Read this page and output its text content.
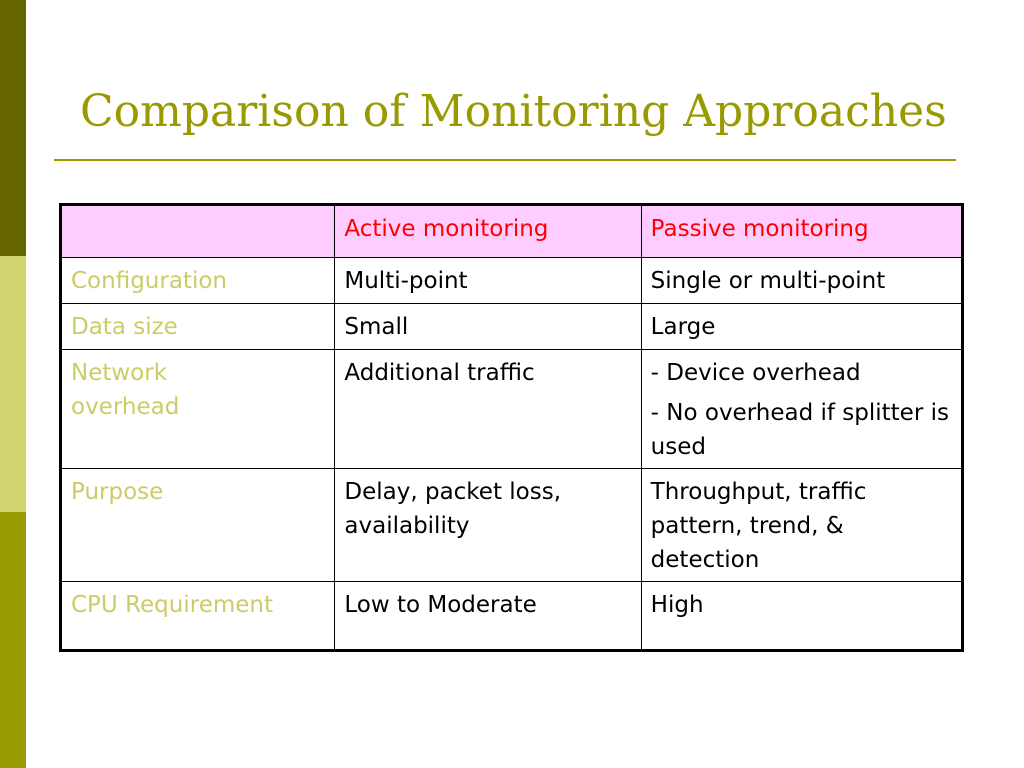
Comparison of Monitoring Approaches
	Active monitoring	Passive monitoring
Configuration	Multi-point	Single or multi-point

Data size	Small	Large

Network overhead	Additional traffic	- Device overhead
- No overhead if splitter is used

Purpose	Delay, packet loss, availability	Throughput, traffic pattern, trend, & detection

CPU Requirement	Low to Moderate	High
